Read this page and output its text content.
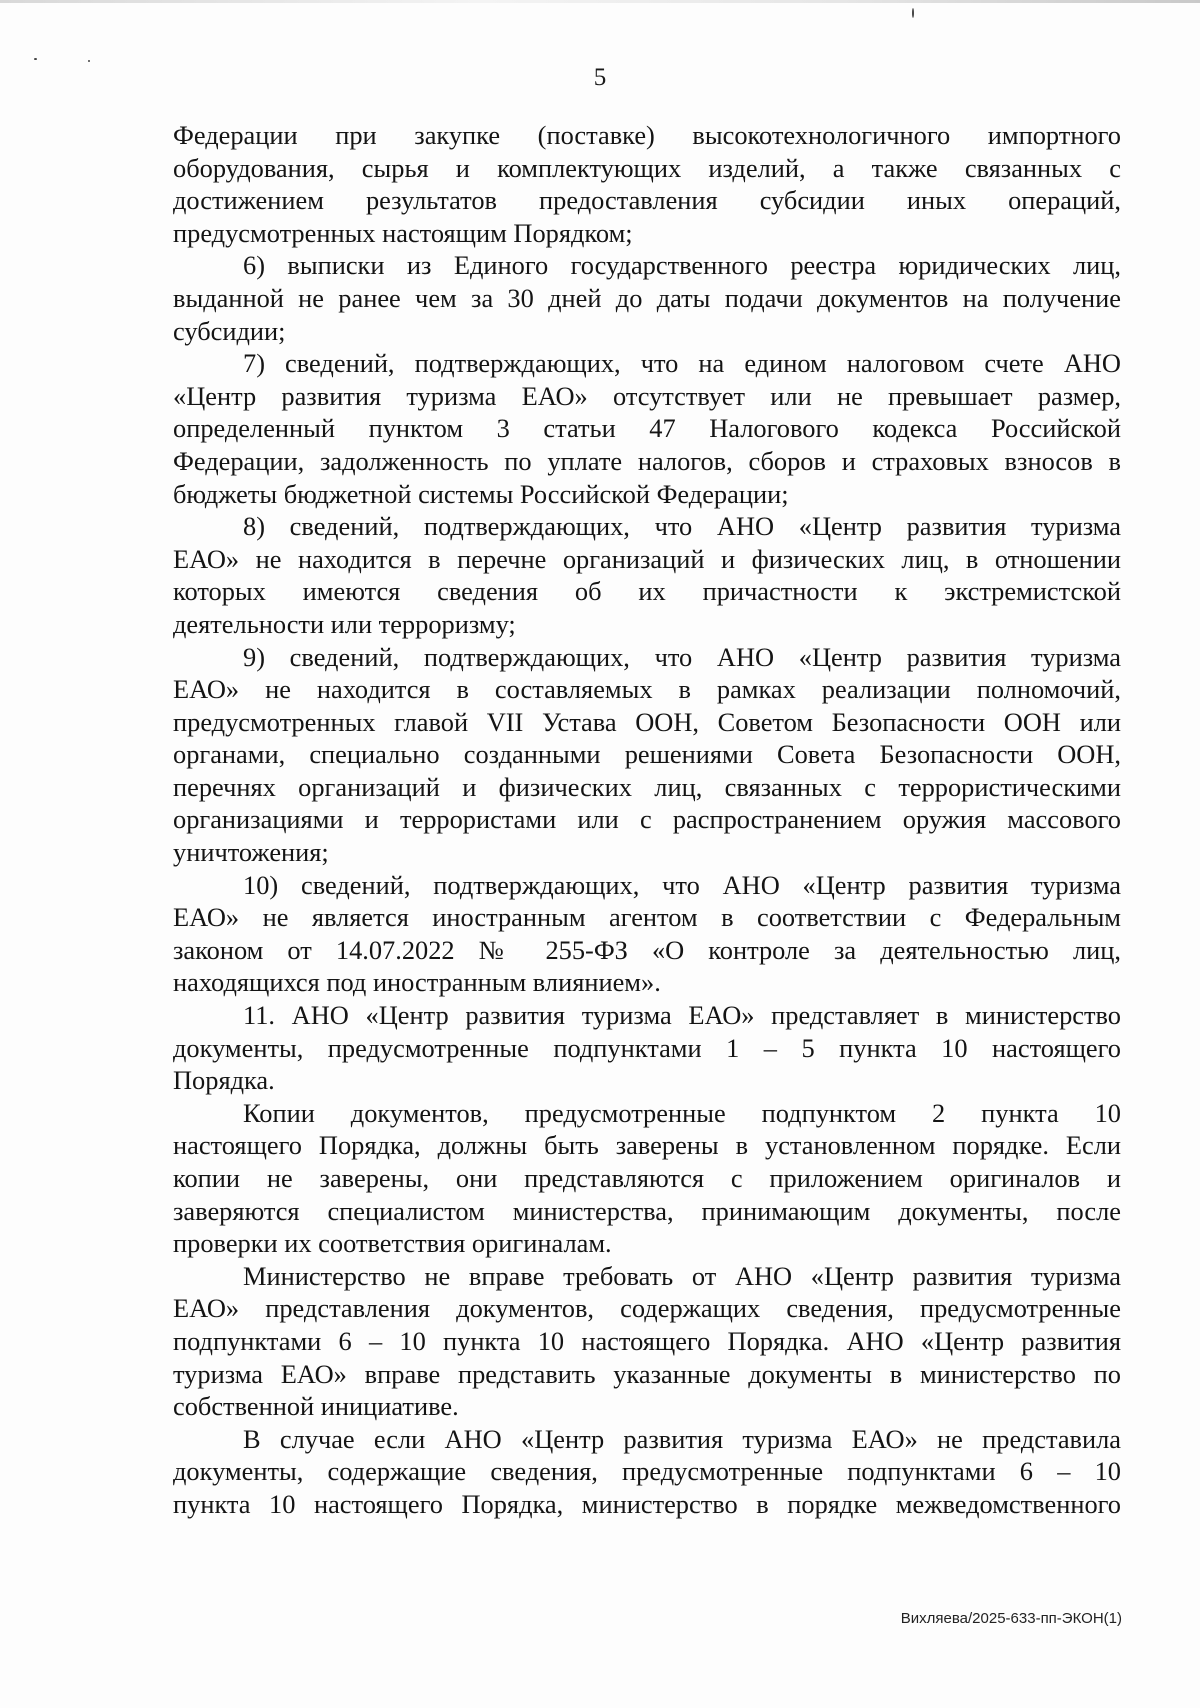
5
Федерации при закупке (поставке) высокотехнологичного импортного
оборудования, сырья и комплектующих изделий, а также связанных с
достижением результатов предоставления субсидии иных операций,
предусмотренных настоящим Порядком;
6) выписки из Единого государственного реестра юридических лиц,
выданной не ранее чем за 30 дней до даты подачи документов на получение
субсидии;
7) сведений, подтверждающих, что на едином налоговом счете АНО
«Центр развития туризма ЕАО» отсутствует или не превышает размер,
определенный пунктом 3 статьи 47 Налогового кодекса Российской
Федерации, задолженность по уплате налогов, сборов и страховых взносов в
бюджеты бюджетной системы Российской Федерации;
8) сведений, подтверждающих, что АНО «Центр развития туризма
ЕАО» не находится в перечне организаций и физических лиц, в отношении
которых имеются сведения об их причастности к экстремистской
деятельности или терроризму;
9) сведений, подтверждающих, что АНО «Центр развития туризма
ЕАО» не находится в составляемых в рамках реализации полномочий,
предусмотренных главой VII Устава ООН, Советом Безопасности ООН или
органами, специально созданными решениями Совета Безопасности ООН,
перечнях организаций и физических лиц, связанных с террористическими
организациями и террористами или с распространением оружия массового
уничтожения;
10) сведений, подтверждающих, что АНО «Центр развития туризма
ЕАО» не является иностранным агентом в соответствии с Федеральным
законом от 14.07.2022 № 255-ФЗ «О контроле за деятельностью лиц,
находящихся под иностранным влиянием».
11. АНО «Центр развития туризма ЕАО» представляет в министерство
документы, предусмотренные подпунктами 1 – 5 пункта 10 настоящего
Порядка.
Копии документов, предусмотренные подпунктом 2 пункта 10
настоящего Порядка, должны быть заверены в установленном порядке. Если
копии не заверены, они представляются с приложением оригиналов и
заверяются специалистом министерства, принимающим документы, после
проверки их соответствия оригиналам.
Министерство не вправе требовать от АНО «Центр развития туризма
ЕАО» представления документов, содержащих сведения, предусмотренные
подпунктами 6 – 10 пункта 10 настоящего Порядка. АНО «Центр развития
туризма ЕАО» вправе представить указанные документы в министерство по
собственной инициативе.
В случае если АНО «Центр развития туризма ЕАО» не представила
документы, содержащие сведения, предусмотренные подпунктами 6 – 10
пункта 10 настоящего Порядка, министерство в порядке межведомственного
Вихляева/2025-633-пп-ЭКОН(1)
